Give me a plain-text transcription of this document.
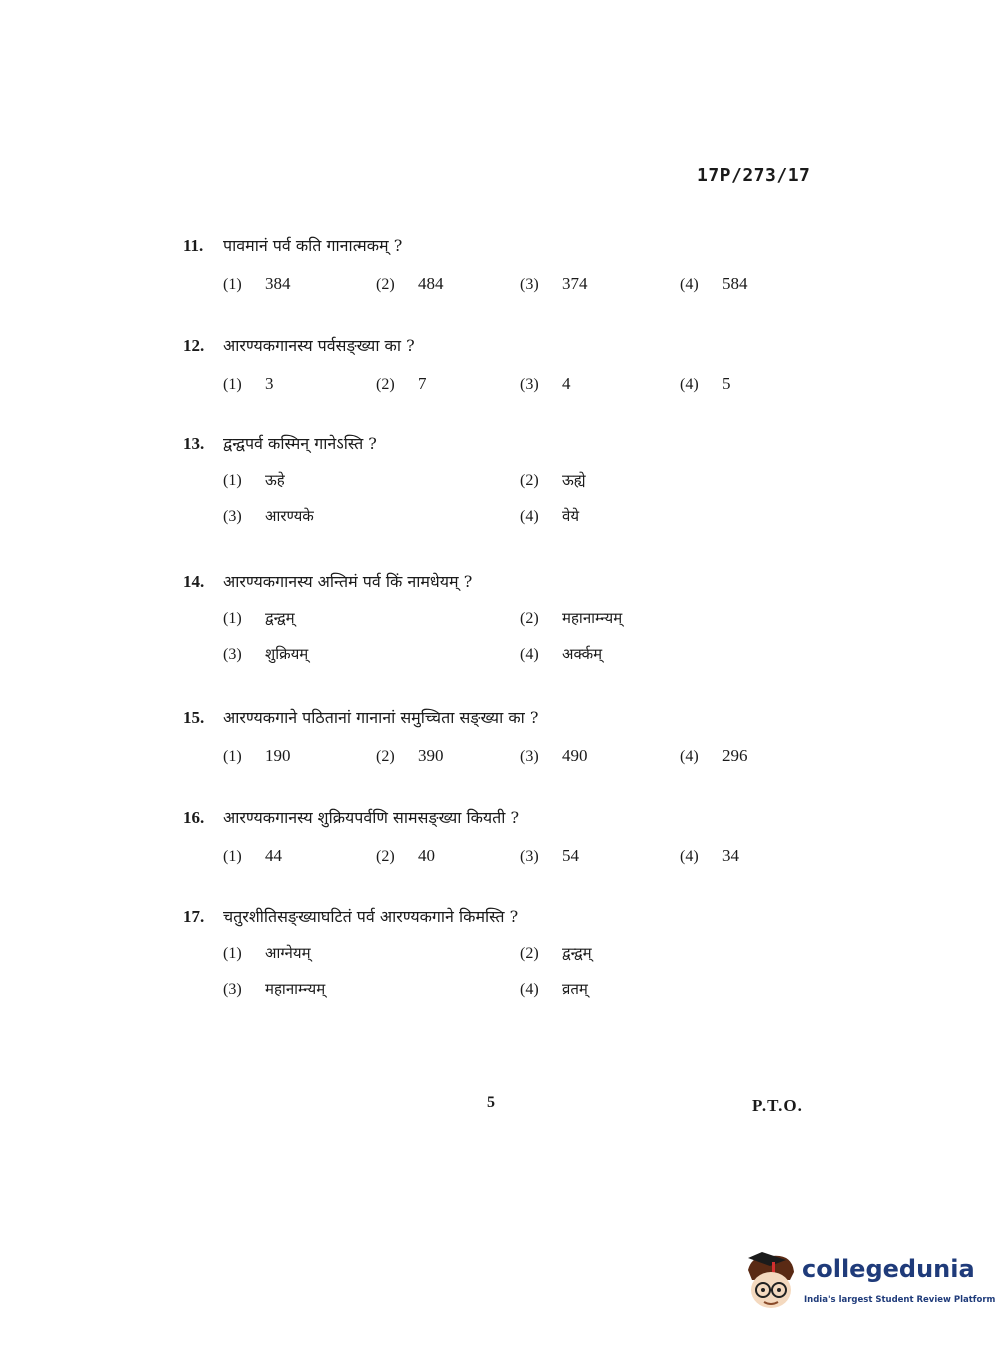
17P/273/17
11.	पावमानं पर्व कति गानात्मकम् ?
(1) 384	(2) 484	(3) 374	(4) 584
12.	आरण्यकगानस्य पर्वसङ्ख्या का ?
(1) 3	(2) 7	(3) 4	(4) 5
13.	द्वन्द्वपर्व कस्मिन् गानेऽस्ति ?
(1) ऊहे	(2) ऊह्ये
(3) आरण्यके	(4) वेये
14.	आरण्यकगानस्य अन्तिमं पर्व किं नामधेयम् ?
(1) द्वन्द्वम्	(2) महानाम्न्यम्
(3) शुक्रियम्	(4) अर्क्कम्
15.	आरण्यकगाने पठितानां गानानां समुच्चिता सङ्ख्या का ?
(1) 190	(2) 390	(3) 490	(4) 296
16.	आरण्यकगानस्य शुक्रियपर्वणि सामसङ्ख्या कियती ?
(1) 44	(2) 40	(3) 54	(4) 34
17.	चतुरशीतिसङ्ख्याघटितं पर्व आरण्यकगाने किमस्ति ?
(1) आग्नेयम्	(2) द्वन्द्वम्
(3) महानाम्न्यम्	(4) व्रतम्
5	P.T.O.
collegedunia
India's largest Student Review Platform
